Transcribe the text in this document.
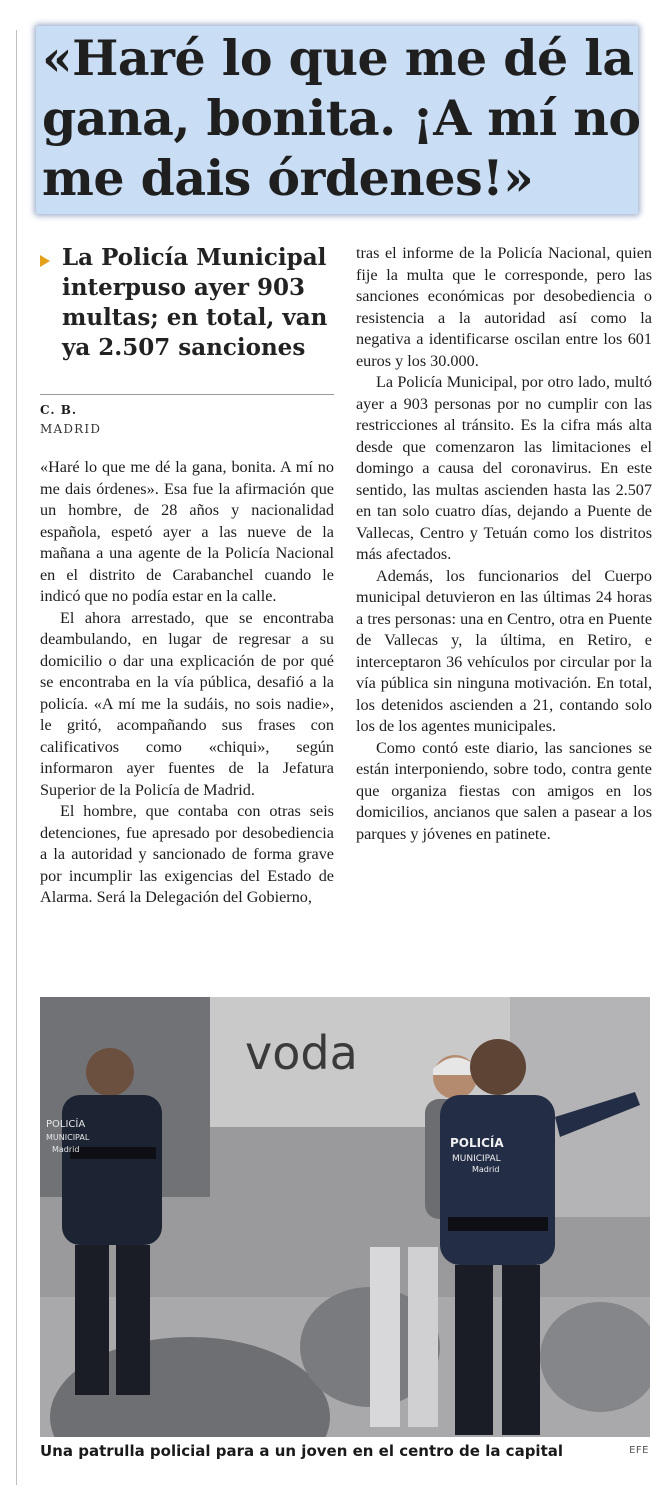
«Haré lo que me dé la gana, bonita. ¡A mí no me dais órdenes!»
La Policía Municipal interpuso ayer 903 multas; en total, van ya 2.507 sanciones
C. B.
MADRID

«Haré lo que me dé la gana, bonita. A mí no me dais órdenes». Esa fue la afirmación que un hombre, de 28 años y nacionalidad española, espetó ayer a las nueve de la mañana a una agente de la Policía Nacional en el distrito de Carabanchel cuando le indicó que no podía estar en la calle.

El ahora arrestado, que se encontraba deambulando, en lugar de regresar a su domicilio o dar una explicación de por qué se encontraba en la vía pública, desafió a la policía. «A mí me la sudáis, no sois nadie», le gritó, acompañando sus frases con calificativos como «chiqui», según informaron ayer fuentes de la Jefatura Superior de la Policía de Madrid.

El hombre, que contaba con otras seis detenciones, fue apresado por desobediencia a la autoridad y sancionado de forma grave por incumplir las exigencias del Estado de Alarma. Será la Delegación del Gobierno,

tras el informe de la Policía Nacional, quien fije la multa que le corresponde, pero las sanciones económicas por desobediencia o resistencia a la autoridad así como la negativa a identificarse oscilan entre los 601 euros y los 30.000.

La Policía Municipal, por otro lado, multó ayer a 903 personas por no cumplir con las restricciones al tránsito. Es la cifra más alta desde que comenzaron las limitaciones el domingo a causa del coronavirus. En este sentido, las multas ascienden hasta las 2.507 en tan solo cuatro días, dejando a Puente de Vallecas, Centro y Tetuán como los distritos más afectados.

Además, los funcionarios del Cuerpo municipal detuvieron en las últimas 24 horas a tres personas: una en Centro, otra en Puente de Vallecas y, la última, en Retiro, e interceptaron 36 vehículos por circular por la vía pública sin ninguna motivación. En total, los detenidos ascienden a 21, contando solo los de los agentes municipales.

Como contó este diario, las sanciones se están interponiendo, sobre todo, contra gente que organiza fiestas con amigos en los domicilios, ancianos que salen a pasear a los parques y jóvenes en patinete.

voda
POLICÍA
MUNICIPAL
Madrid	POLICÍA
MUNICIPAL
Madrid
Una patrulla policial para a un joven en el centro de la capital	EFE
